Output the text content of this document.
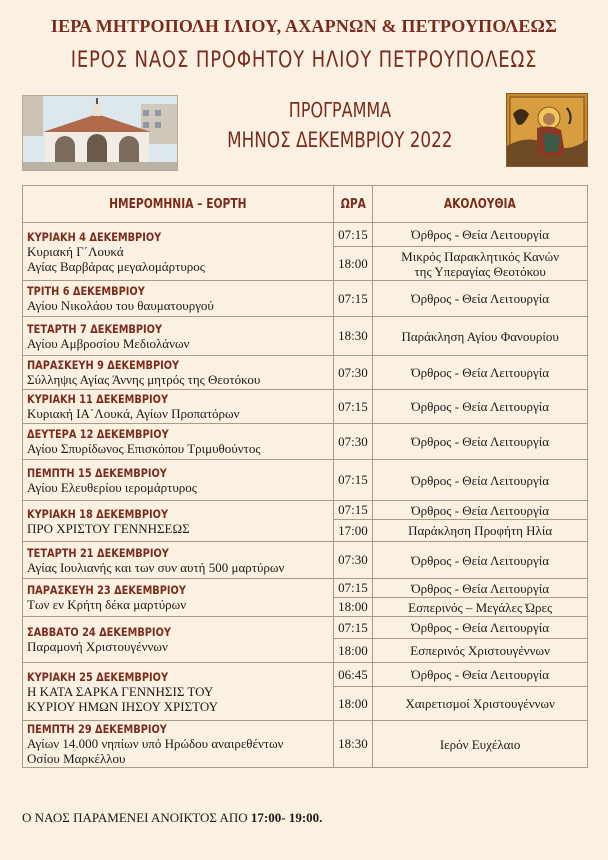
ΙΕΡΑ ΜΗΤΡΟΠΟΛΗ ΙΛΙΟΥ, ΑΧΑΡΝΩΝ & ΠΕΤΡΟΥΠΟΛΕΩΣ
ΙΕΡΟΣ ΝΑΟΣ ΠΡΟΦΗΤΟΥ ΗΛΙΟΥ ΠΕΤΡΟΥΠΟΛΕΩΣ
ΠΡΟΓΡΑΜΜΑ
ΜΗΝΟΣ ΔΕΚΕΜΒΡΙΟΥ 2022
ΗΜΕΡΟΜΗΝΙΑ – ΕΟΡΤΗ	ΩΡΑ	ΑΚΟΛΟΥΘΙΑ

ΚΥΡΙΑΚΗ 4 ΔΕΚΕΜΒΡΙΟΥ
Κυριακή Γ΄Λουκά
Αγίας Βαρβάρας μεγαλομάρτυρος	07:15	Όρθρος - Θεία Λειτουργία
	18:00	Μικρός Παρακλητικός Κανών
της Υπεραγίας Θεοτόκου

ΤΡΙΤΗ 6 ΔΕΚΕΜΒΡΙΟΥ
Αγίου Νικολάου του θαυματουργού	07:15	Όρθρος - Θεία Λειτουργία

ΤΕΤΑΡΤΗ 7 ΔΕΚΕΜΒΡΙΟΥ
Αγίου Αμβροσίου Μεδιολάνων	18:30	Παράκληση Αγίου Φανουρίου

ΠΑΡΑΣΚΕΥΗ 9 ΔΕΚΕΜΒΡΙΟΥ
Σύλληψις Αγίας Άννης μητρός της Θεοτόκου	07:30	Όρθρος - Θεία Λειτουργία

ΚΥΡΙΑΚΗ 11 ΔΕΚΕΜΒΡΙΟΥ
Κυριακή ΙΑ΄Λουκά, Αγίων Προπατόρων	07:15	Όρθρος - Θεία Λειτουργία

ΔΕΥΤΕΡΑ 12 ΔΕΚΕΜΒΡΙΟΥ
Αγίου Σπυρίδωνος Επισκόπου Τριμυθούντος	07:30	Όρθρος - Θεία Λειτουργία

ΠΕΜΠΤΗ 15 ΔΕΚΕΜΒΡΙΟΥ
Αγίου Ελευθερίου ιερομάρτυρος	07:15	Όρθρος - Θεία Λειτουργία

ΚΥΡΙΑΚΗ 18 ΔΕΚΕΜΒΡΙΟΥ
ΠΡΟ ΧΡΙΣΤΟΥ ΓΕΝΝΗΣΕΩΣ	07:15	Όρθρος - Θεία Λειτουργία
	17:00	Παράκληση Προφήτη Ηλία

ΤΕΤΑΡΤΗ 21 ΔΕΚΕΜΒΡΙΟΥ
Αγίας Ιουλιανής και των συν αυτή 500 μαρτύρων	07:30	Όρθρος - Θεία Λειτουργία

ΠΑΡΑΣΚΕΥΗ 23 ΔΕΚΕΜΒΡΙΟΥ
Των εν Κρήτη δέκα μαρτύρων	07:15	Όρθρος - Θεία Λειτουργία
	18:00	Εσπερινός – Μεγάλες Ώρες

ΣΑΒΒΑΤΟ 24 ΔΕΚΕΜΒΡΙΟΥ
Παραμονή Χριστουγέννων	07:15	Όρθρος - Θεία Λειτουργία
	18:00	Εσπερινός Χριστουγέννων

ΚΥΡΙΑΚΗ 25 ΔΕΚΕΜΒΡΙΟΥ
Η ΚΑΤΑ ΣΑΡΚΑ ΓΕΝΝΗΣΙΣ ΤΟΥ
ΚΥΡΙΟΥ ΗΜΩΝ ΙΗΣΟΥ ΧΡΙΣΤΟΥ	06:45	Όρθρος - Θεία Λειτουργία
	18:00	Χαιρετισμοί Χριστουγέννων

ΠΕΜΠΤΗ 29 ΔΕΚΕΜΒΡΙΟΥ
Αγίων 14.000 νηπίων υπό Ηρώδου αναιρεθέντων
Οσίου Μαρκέλλου	18:30	Ιερόν Ευχέλαιο
Ο ΝΑΟΣ ΠΑΡΑΜΕΝΕΙ ΑΝΟΙΚΤΟΣ ΑΠΟ 17:00- 19:00.
